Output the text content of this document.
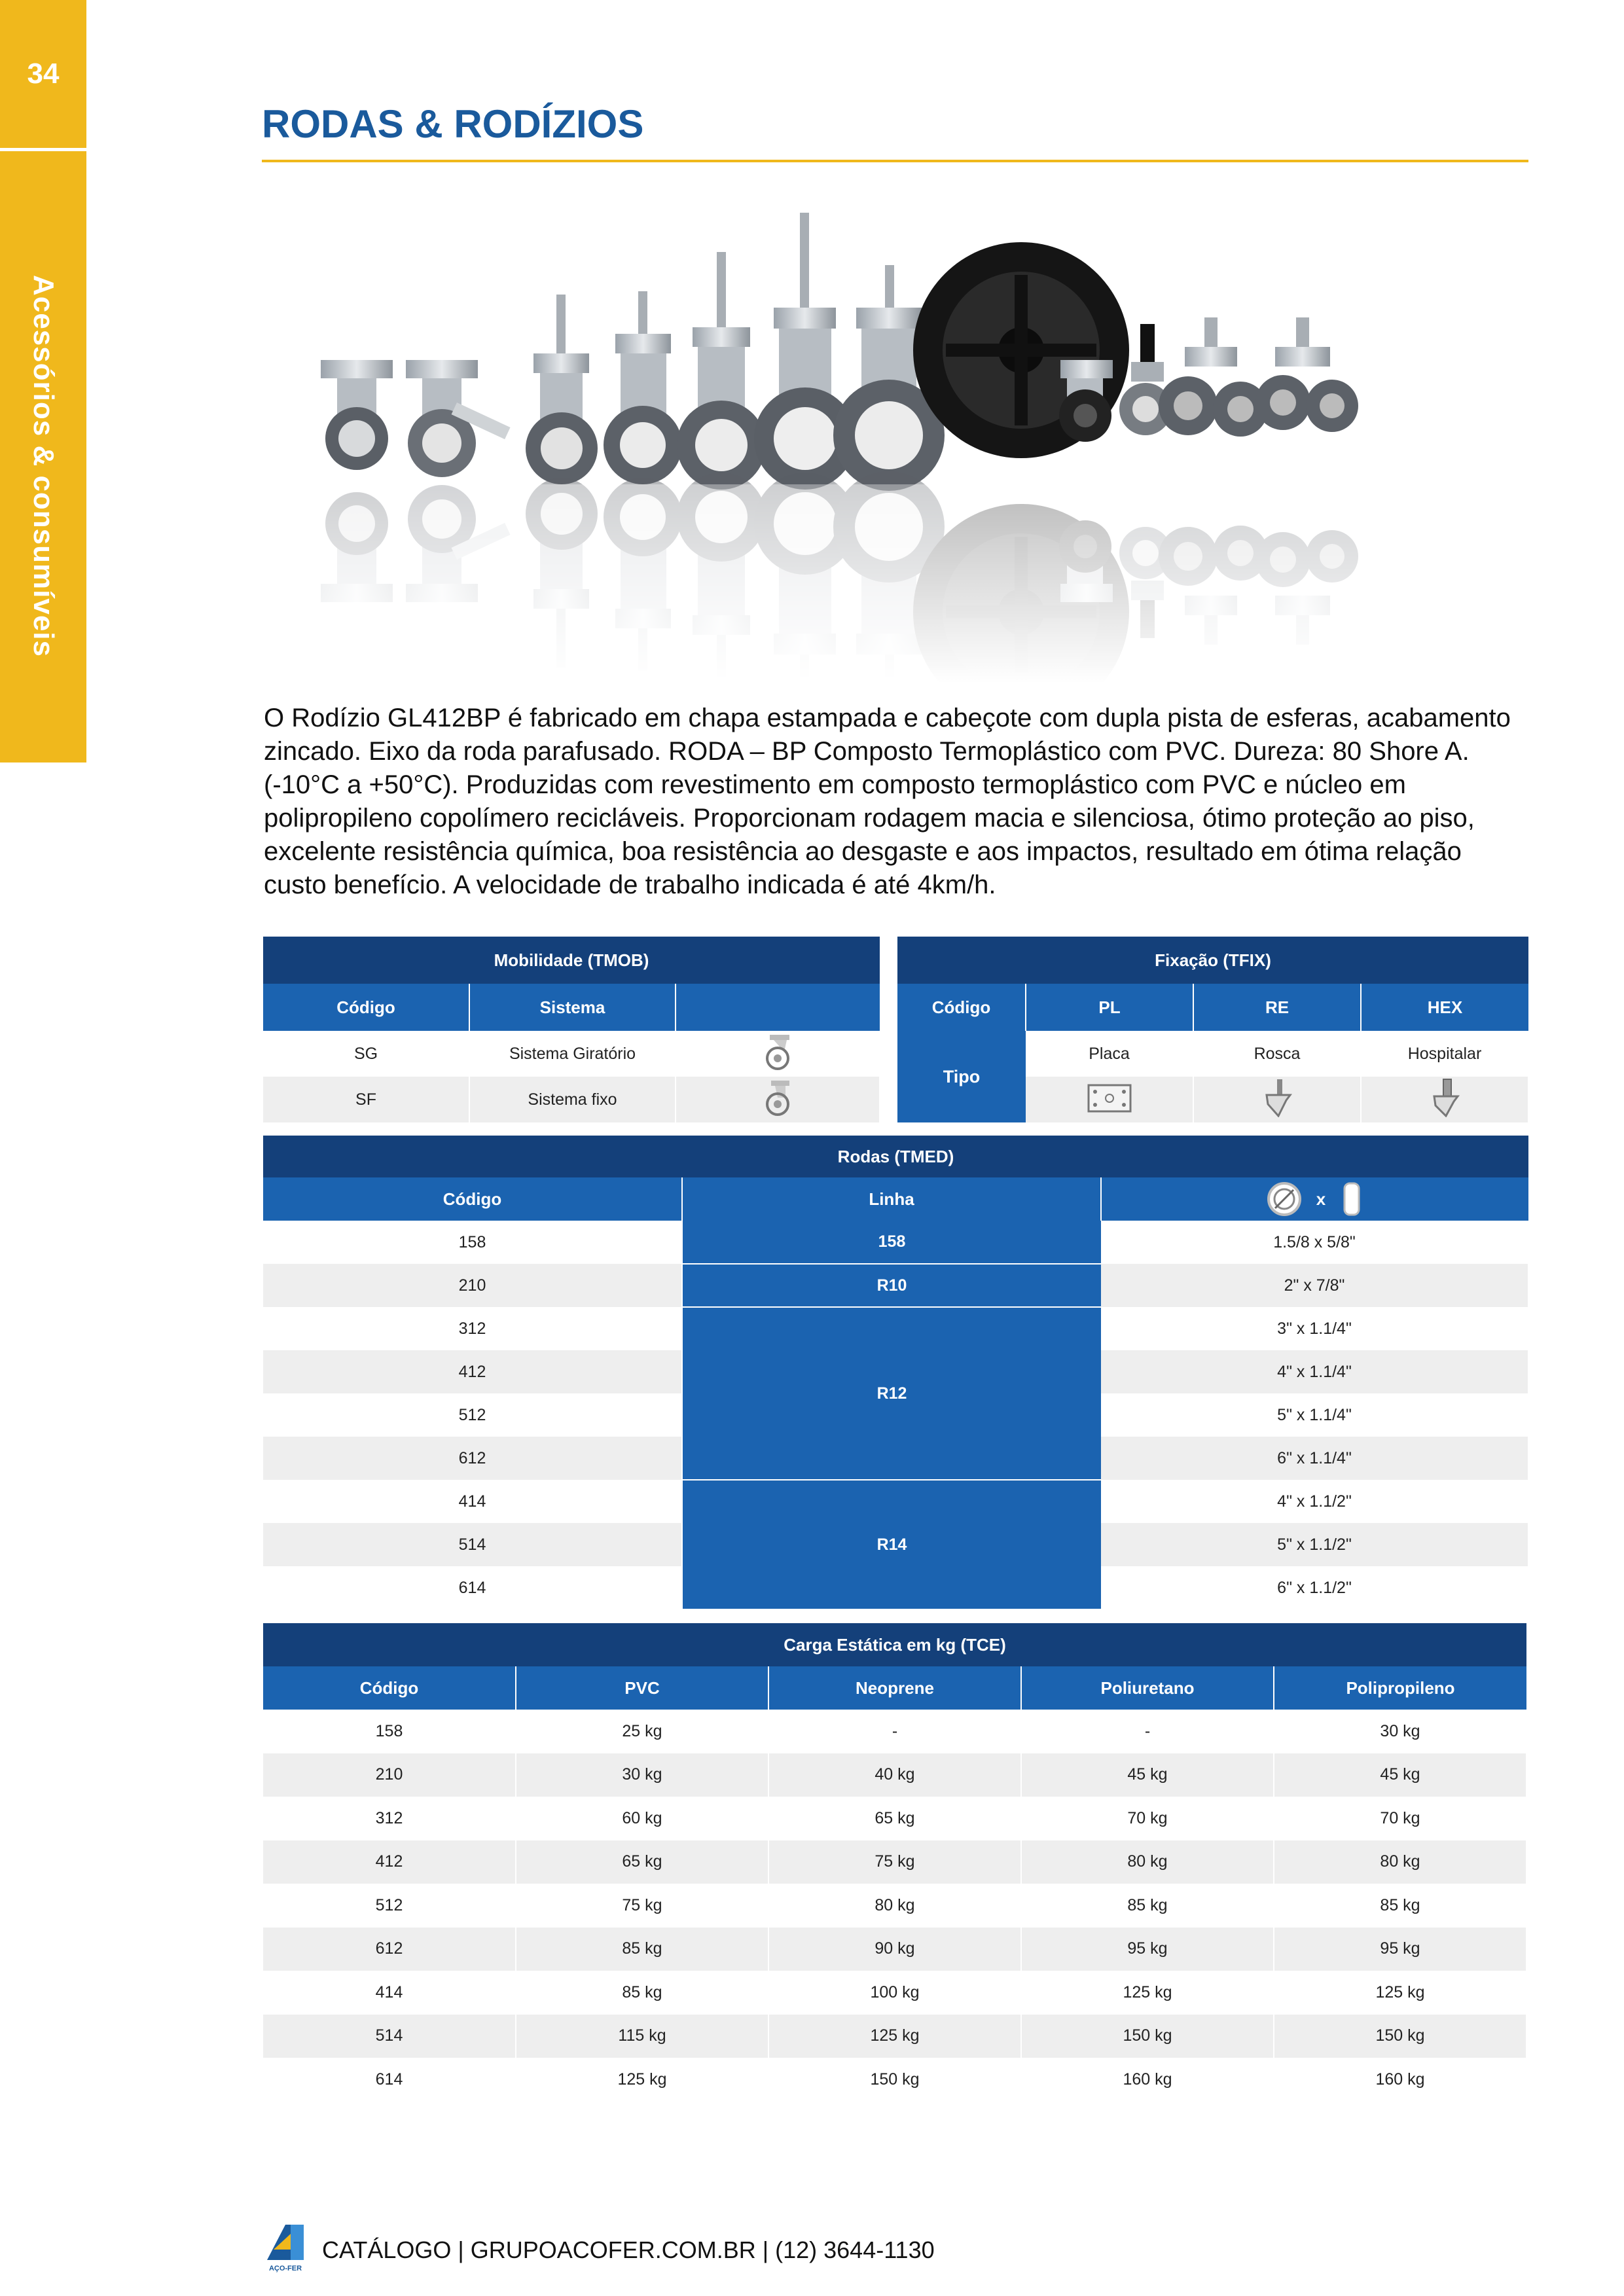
34
Acessórios & consumíveis
RODAS & RODÍZIOS
O Rodízio GL412BP é fabricado em chapa estampada e cabeçote com dupla pista de esferas, acabamento zincado. Eixo da roda parafusado. RODA – BP Composto Termoplástico com PVC. Dureza: 80 Shore A. (-10°C a +50°C). Produzidas com revestimento em composto termoplástico com PVC e núcleo em polipropileno copolímero recicláveis. Proporcionam rodagem macia e silenciosa, ótimo proteção ao piso, excelente resistência química, boa resistência ao desgaste e aos impactos, resultado em ótima relação custo benefício. A velocidade de trabalho indicada é até 4km/h.
Mobilidade (TMOB)		
Código	Sistema	
SG	Sistema Giratório	
SF	Sistema fixo	
Fixação (TFIX)			
Código	PL	RE	HEX
Tipo	Placa	Rosca	Hospitalar

Rodas (TMED)		
Código	Linha	x
158	158	1.5/8 x 5/8"
210	R10	2" x 7/8"
312	R12	3" x 1.1/4"
412		4" x 1.1/4"
512		5" x 1.1/4"
612		6" x 1.1/4"
414	R14	4" x 1.1/2"
514		5" x 1.1/2"
614		6" x 1.1/2"
Carga Estática em kg (TCE)				
Código	PVC	Neoprene	Poliuretano	Polipropileno
158	25 kg	-	-	30 kg
210	30 kg	40 kg	45 kg	45 kg
312	60 kg	65 kg	70 kg	70 kg
412	65 kg	75 kg	80 kg	80 kg
512	75 kg	80 kg	85 kg	85 kg
612	85 kg	90 kg	95 kg	95 kg
414	85 kg	100 kg	125 kg	125 kg
514	115 kg	125 kg	150 kg	150 kg
614	125 kg	150 kg	160 kg	160 kg
AÇO-FER
CATÁLOGO | GRUPOACOFER.COM.BR | (12) 3644-1130
